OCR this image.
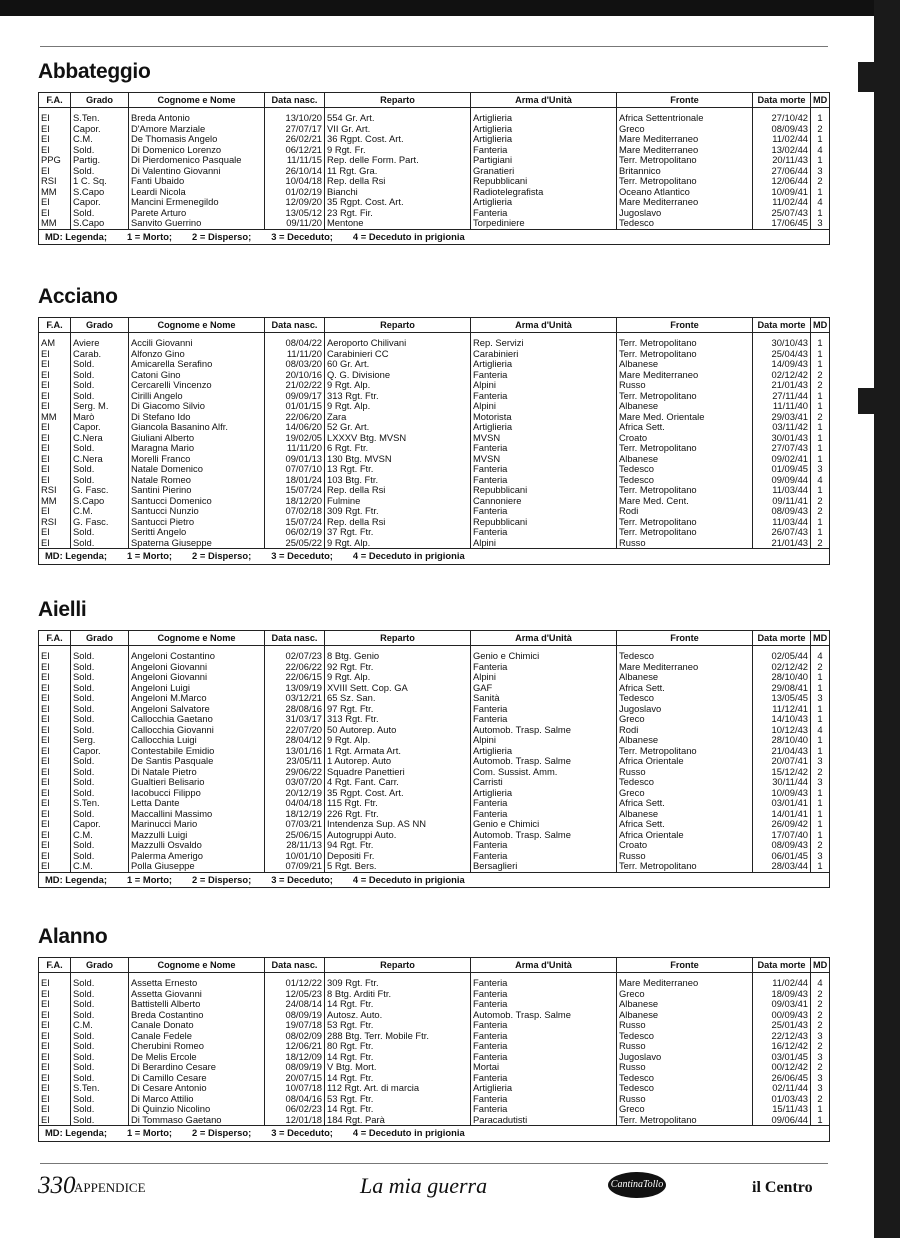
Abbateggio
Acciano
Aielli
Alanno
F.A.	Grado	Cognome e Nome	Data nasc.	Reparto	Arma d'Unità	Fronte	Data morte	MD
EI	S.Ten.	Breda Antonio	13/10/20	554 Gr. Art.	Artiglieria	Africa Settentrionale	27/10/42	1
EI	Capor.	D'Amore Marziale	27/07/17	VII Gr. Art.	Artiglieria	Greco	08/09/43	2
EI	C.M.	De Thomasis Angelo	26/02/21	36 Rgpt. Cost. Art.	Artiglieria	Mare Mediterraneo	11/02/44	1
EI	Sold.	Di Domenico Lorenzo	06/12/21	9 Rgt. Fr.	Fanteria	Mare Mediterraneo	13/02/44	4
PPG	Partig.	Di Pierdomenico Pasquale	11/11/15	Rep. delle Form. Part.	Partigiani	Terr. Metropolitano	20/11/43	1
EI	Sold.	Di Valentino Giovanni	26/10/14	11 Rgt. Gra.	Granatieri	Britannico	27/06/44	3
RSI	1 C. Sq.	Fanti Ubaido	10/04/18	Rep. della Rsi	Repubblicani	Terr. Metropolitano	12/06/44	2
MM	S.Capo	Leardi Nicola	01/02/19	Bianchi	Radiotelegrafista	Oceano Atlantico	10/09/41	1
EI	Capor.	Mancini Ermenegildo	12/09/20	35 Rgpt. Cost. Art.	Artiglieria	Mare Mediterraneo	11/02/44	4
EI	Sold.	Parete Arturo	13/05/12	23 Rgt. Fir.	Fanteria	Jugoslavo	25/07/43	1
MM	S.Capo	Sanvito Guerrino	09/11/20	Mentone	Torpediniere	Tedesco	17/06/45	3
MD: Legenda; 1 = Morto; 2 = Disperso; 3 = Deceduto; 4 = Deceduto in prigionia								
F.A.	Grado	Cognome e Nome	Data nasc.	Reparto	Arma d'Unità	Fronte	Data morte	MD
AM	Aviere	Accili Giovanni	08/04/22	Aeroporto Chilivani	Rep. Servizi	Terr. Metropolitano	30/10/43	1
EI	Carab.	Alfonzo Gino	11/11/20	Carabinieri CC	Carabinieri	Terr. Metropolitano	25/04/43	1
EI	Sold.	Amicarella Serafino	08/03/20	60 Gr. Art.	Artiglieria	Albanese	14/09/43	1
EI	Sold.	Catoni Gino	20/10/16	Q. G. Divisione	Fanteria	Mare Mediterraneo	02/12/42	2
EI	Sold.	Cercarelli Vincenzo	21/02/22	9 Rgt. Alp.	Alpini	Russo	21/01/43	2
EI	Sold.	Cirilli Angelo	09/09/17	313 Rgt. Ftr.	Fanteria	Terr. Metropolitano	27/11/44	1
EI	Serg. M.	Di Giacomo Silvio	01/01/15	9 Rgt. Alp.	Alpini	Albanese	11/11/40	1
MM	Marò	Di Stefano Ido	22/06/20	Zara	Motorista	Mare Med. Orientale	29/03/41	2
EI	Capor.	Giancola Basanino Alfr.	14/06/20	52 Gr. Art.	Artiglieria	Africa Sett.	03/11/42	1
EI	C.Nera	Giuliani Alberto	19/02/05	LXXXV Btg. MVSN	MVSN	Croato	30/01/43	1
EI	Sold.	Maragna Mario	11/11/20	6 Rgt. Ftr.	Fanteria	Terr. Metropolitano	27/07/43	1
EI	C.Nera	Morelli Franco	09/01/13	130 Btg. MVSN	MVSN	Albanese	09/02/41	1
EI	Sold.	Natale Domenico	07/07/10	13 Rgt. Ftr.	Fanteria	Tedesco	01/09/45	3
EI	Sold.	Natale Romeo	18/01/24	103 Btg. Ftr.	Fanteria	Tedesco	09/09/44	4
RSI	G. Fasc.	Santini Pierino	15/07/24	Rep. della Rsi	Repubblicani	Terr. Metropolitano	11/03/44	1
MM	S.Capo	Santucci Domenico	18/12/20	Fulmine	Cannoniere	Mare Med. Cent.	09/11/41	2
EI	C.M.	Santucci Nunzio	07/02/18	309 Rgt. Ftr.	Fanteria	Rodi	08/09/43	2
RSI	G. Fasc.	Santucci Pietro	15/07/24	Rep. della Rsi	Repubblicani	Terr. Metropolitano	11/03/44	1
EI	Sold.	Seritti Angelo	06/02/19	37 Rgt. Ftr.	Fanteria	Terr. Metropolitano	26/07/43	1
EI	Sold.	Spaterna Giuseppe	25/05/22	9 Rgt. Alp.	Alpini	Russo	21/01/43	2
MD: Legenda; 1 = Morto; 2 = Disperso; 3 = Deceduto; 4 = Deceduto in prigionia								
F.A.	Grado	Cognome e Nome	Data nasc.	Reparto	Arma d'Unità	Fronte	Data morte	MD
EI	Sold.	Angeloni Costantino	02/07/23	8 Btg. Genio	Genio e Chimici	Tedesco	02/05/44	4
EI	Sold.	Angeloni Giovanni	22/06/22	92 Rgt. Ftr.	Fanteria	Mare Mediterraneo	02/12/42	2
EI	Sold.	Angeloni Giovanni	22/06/15	9 Rgt. Alp.	Alpini	Albanese	28/10/40	1
EI	Sold.	Angeloni Luigi	13/09/19	XVIII Sett. Cop. GA	GAF	Africa Sett.	29/08/41	1
EI	Sold.	Angeloni M.Marco	03/12/21	65 Sz. San.	Sanità	Tedesco	13/05/45	3
EI	Sold.	Angeloni Salvatore	28/08/16	97 Rgt. Ftr.	Fanteria	Jugoslavo	11/12/41	1
EI	Sold.	Callocchia Gaetano	31/03/17	313 Rgt. Ftr.	Fanteria	Greco	14/10/43	1
EI	Sold.	Callocchia Giovanni	22/07/20	50 Autorep. Auto	Automob. Trasp. Salme	Rodi	10/12/43	4
EI	Serg.	Callocchia Luigi	28/04/12	9 Rgt. Alp.	Alpini	Albanese	28/10/40	1
EI	Capor.	Contestabile Emidio	13/01/16	1 Rgt. Armata Art.	Artiglieria	Terr. Metropolitano	21/04/43	1
EI	Sold.	De Santis Pasquale	23/05/11	1 Autorep. Auto	Automob. Trasp. Salme	Africa Orientale	20/07/41	3
EI	Sold.	Di Natale Pietro	29/06/22	Squadre Panettieri	Com. Sussist. Amm.	Russo	15/12/42	2
EI	Sold.	Gualtieri Belisario	03/07/20	4 Rgt. Fant. Carr.	Carristi	Tedesco	30/11/44	3
EI	Sold.	Iacobucci Filippo	20/12/19	35 Rgpt. Cost. Art.	Artiglieria	Greco	10/09/43	1
EI	S.Ten.	Letta Dante	04/04/18	115 Rgt. Ftr.	Fanteria	Africa Sett.	03/01/41	1
EI	Sold.	Maccallini Massimo	18/12/19	226 Rgt. Ftr.	Fanteria	Albanese	14/01/41	1
EI	Capor.	Marinucci Mario	07/03/21	Intendenza Sup. AS NN	Genio e Chimici	Africa Sett.	26/09/42	1
EI	C.M.	Mazzulli Luigi	25/06/15	Autogruppi Auto.	Automob. Trasp. Salme	Africa Orientale	17/07/40	1
EI	Sold.	Mazzulli Osvaldo	28/11/13	94 Rgt. Ftr.	Fanteria	Croato	08/09/43	2
EI	Sold.	Palerma Amerigo	10/01/10	Depositi Fr.	Fanteria	Russo	06/01/45	3
EI	C.M.	Polla Giuseppe	07/09/21	5 Rgt. Bers.	Bersaglieri	Terr. Metropolitano	28/03/44	1
MD: Legenda; 1 = Morto; 2 = Disperso; 3 = Deceduto; 4 = Deceduto in prigionia								
F.A.	Grado	Cognome e Nome	Data nasc.	Reparto	Arma d'Unità	Fronte	Data morte	MD
EI	Sold.	Assetta Ernesto	01/12/22	309 Rgt. Ftr.	Fanteria	Mare Mediterraneo	11/02/44	4
EI	Sold.	Assetta Giovanni	12/05/23	8 Btg. Arditi Ftr.	Fanteria	Greco	18/09/43	2
EI	Sold.	Battistelli Alberto	24/08/14	14 Rgt. Ftr.	Fanteria	Albanese	09/03/41	2
EI	Sold.	Breda Costantino	08/09/19	Autosz. Auto.	Automob. Trasp. Salme	Albanese	00/09/43	2
EI	C.M.	Canale Donato	19/07/18	53 Rgt. Ftr.	Fanteria	Russo	25/01/43	2
EI	Sold.	Canale Fedele	08/02/09	288 Btg. Terr. Mobile Ftr.	Fanteria	Tedesco	22/12/43	3
EI	Sold.	Cherubini Romeo	12/06/21	80 Rgt. Ftr.	Fanteria	Russo	16/12/42	2
EI	Sold.	De Melis Ercole	18/12/09	14 Rgt. Ftr.	Fanteria	Jugoslavo	03/01/45	3
EI	Sold.	Di Berardino Cesare	08/09/19	V Btg. Mort.	Mortai	Russo	00/12/42	2
EI	Sold.	Di Camillo Cesare	20/07/15	14 Rgt. Ftr.	Fanteria	Tedesco	26/06/45	3
EI	S.Ten.	Di Cesare Antonio	10/07/18	112 Rgt. Art. di marcia	Artiglieria	Tedesco	02/11/44	3
EI	Sold.	Di Marco Attilio	08/04/16	53 Rgt. Ftr.	Fanteria	Russo	01/03/43	2
EI	Sold.	Di Quinzio Nicolino	06/02/23	14 Rgt. Ftr.	Fanteria	Greco	15/11/43	1
EI	Sold.	Di Tommaso Gaetano	12/01/18	184 Rgt. Parà	Paracadutisti	Terr. Metropolitano	09/06/44	1
MD: Legenda; 1 = Morto; 2 = Disperso; 3 = Deceduto; 4 = Deceduto in prigionia								
330
APPENDICE	La mia guerra	CantinaTollo	il Centro
